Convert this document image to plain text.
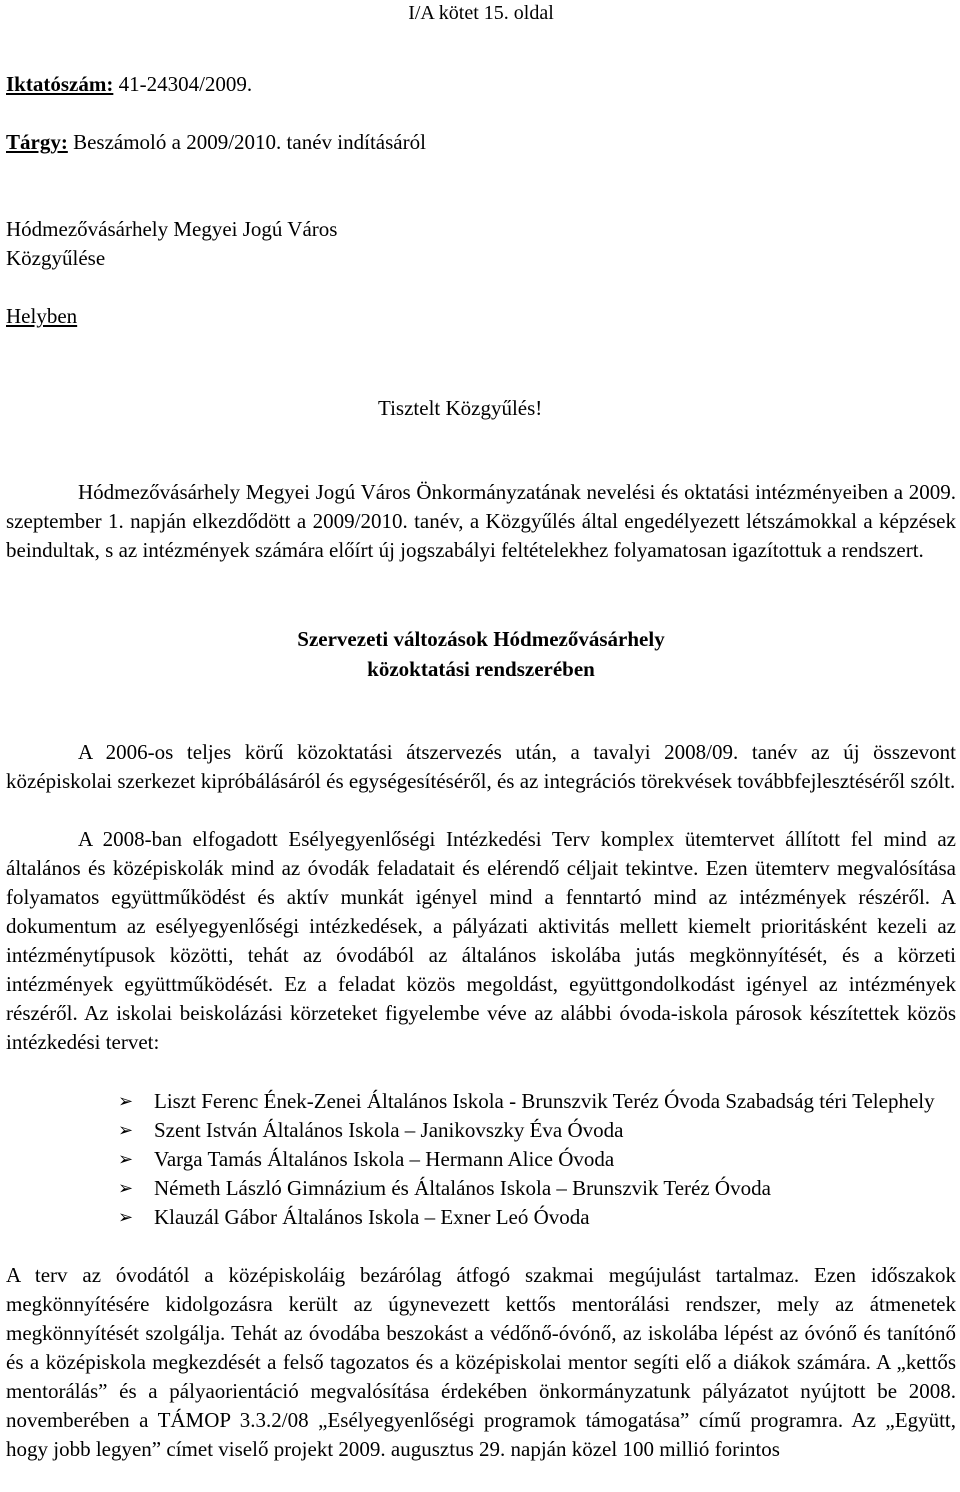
I/A kötet 15. oldal
Iktatószám: 41-24304/2009.
Tárgy: Beszámoló a 2009/2010. tanév indításáról
Hódmezővásárhely Megyei Jogú Város
Közgyűlése
Helyben
Tisztelt Közgyűlés!

Hódmezővásárhely Megyei Jogú Város Önkormányzatának nevelési és oktatási intézményeiben a 2009. szeptember 1. napján elkezdődött a 2009/2010. tanév, a Közgyűlés által engedélyezett létszámokkal a képzések beindultak, s az intézmények számára előírt új jogszabályi feltételekhez folyamatosan igazítottuk a rendszert.

Szervezeti változások Hódmezővásárhely
közoktatási rendszerében

A 2006-os teljes körű közoktatási átszervezés után, a tavalyi 2008/09. tanév az új összevont középiskolai szerkezet kipróbálásáról és egységesítéséről, és az integrációs törekvések továbbfejlesztéséről szólt.

A 2008-ban elfogadott Esélyegyenlőségi Intézkedési Terv komplex ütemtervet állított fel mind az általános és középiskolák mind az óvodák feladatait és elérendő céljait tekintve. Ezen ütemterv megvalósítása folyamatos együttműködést és aktív munkát igényel mind a fenntartó mind az intézmények részéről. A dokumentum az esélyegyenlőségi intézkedések, a pályázati aktivitás mellett kiemelt prioritásként kezeli az intézménytípusok közötti, tehát az óvodából az általános iskolába jutás megkönnyítését, és a körzeti intézmények együttműködését. Ez a feladat közös megoldást, együttgondolkodást igényel az intézmények részéről. Az iskolai beiskolázási körzeteket figyelembe véve az alábbi óvoda-iskola párosok készítettek közös intézkedési tervet:

➢ Liszt Ferenc Ének-Zenei Általános Iskola - Brunszvik Teréz Óvoda Szabadság téri Telephely
➢ Szent István Általános Iskola – Janikovszky Éva Óvoda
➢ Varga Tamás Általános Iskola – Hermann Alice Óvoda
➢ Németh László Gimnázium és Általános Iskola – Brunszvik Teréz Óvoda
➢ Klauzál Gábor Általános Iskola – Exner Leó Óvoda

A terv az óvodától a középiskoláig bezárólag átfogó szakmai megújulást tartalmaz. Ezen időszakok megkönnyítésére kidolgozásra került az úgynevezett kettős mentorálási rendszer, mely az átmenetek megkönnyítését szolgálja. Tehát az óvodába beszokást a védőnő-óvónő, az iskolába lépést az óvónő és tanítónő és a középiskola megkezdését a felső tagozatos és a középiskolai mentor segíti elő a diákok számára. A „kettős mentorálás” és a pályaorientáció megvalósítása érdekében önkormányzatunk pályázatot nyújtott be 2008. novemberében a TÁMOP 3.3.2/08 „Esélyegyenlőségi programok támogatása” című programra. Az „Együtt, hogy jobb legyen” címet viselő projekt 2009. augusztus 29. napján közel 100 millió forintos
